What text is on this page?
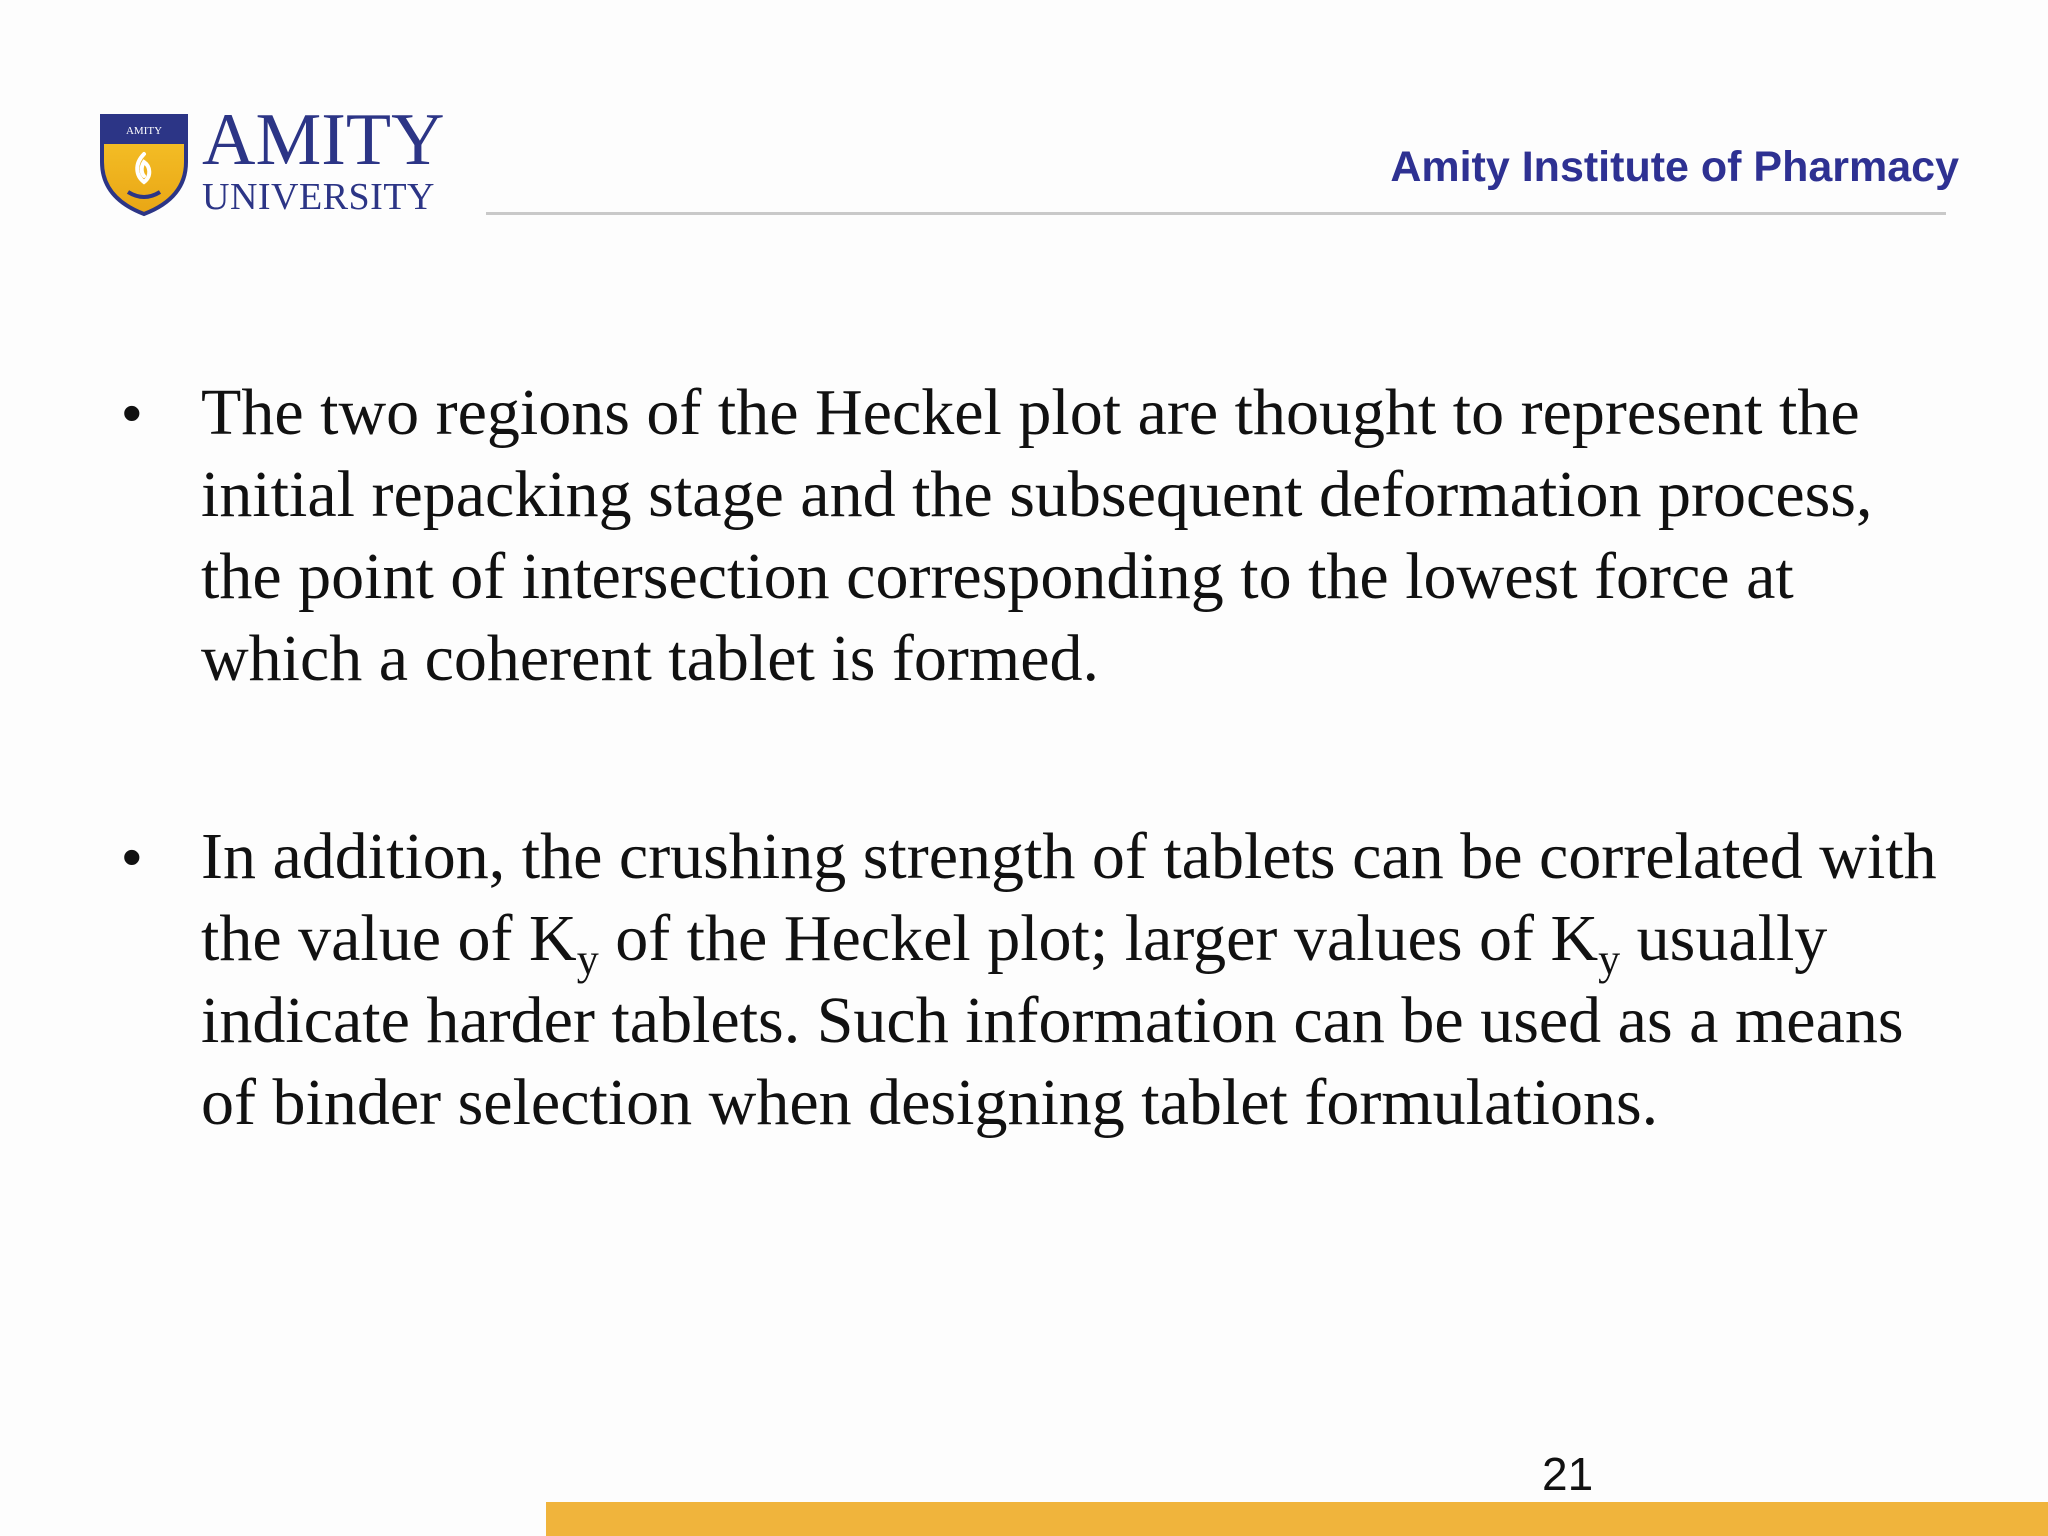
AMITY AMITY
UNIVERSITY
Amity Institute of Pharmacy
• The two regions of the Heckel plot are thought to represent the initial repacking stage and the subsequent deformation process, the point of intersection corresponding to the lowest force at which a coherent tablet is formed.
• In addition, the crushing strength of tablets can be correlated with the value of $K_y$ of the Heckel plot; larger values of $K_y$ usually indicate harder tablets. Such information can be used as a means of binder selection when designing tablet formulations.
21
